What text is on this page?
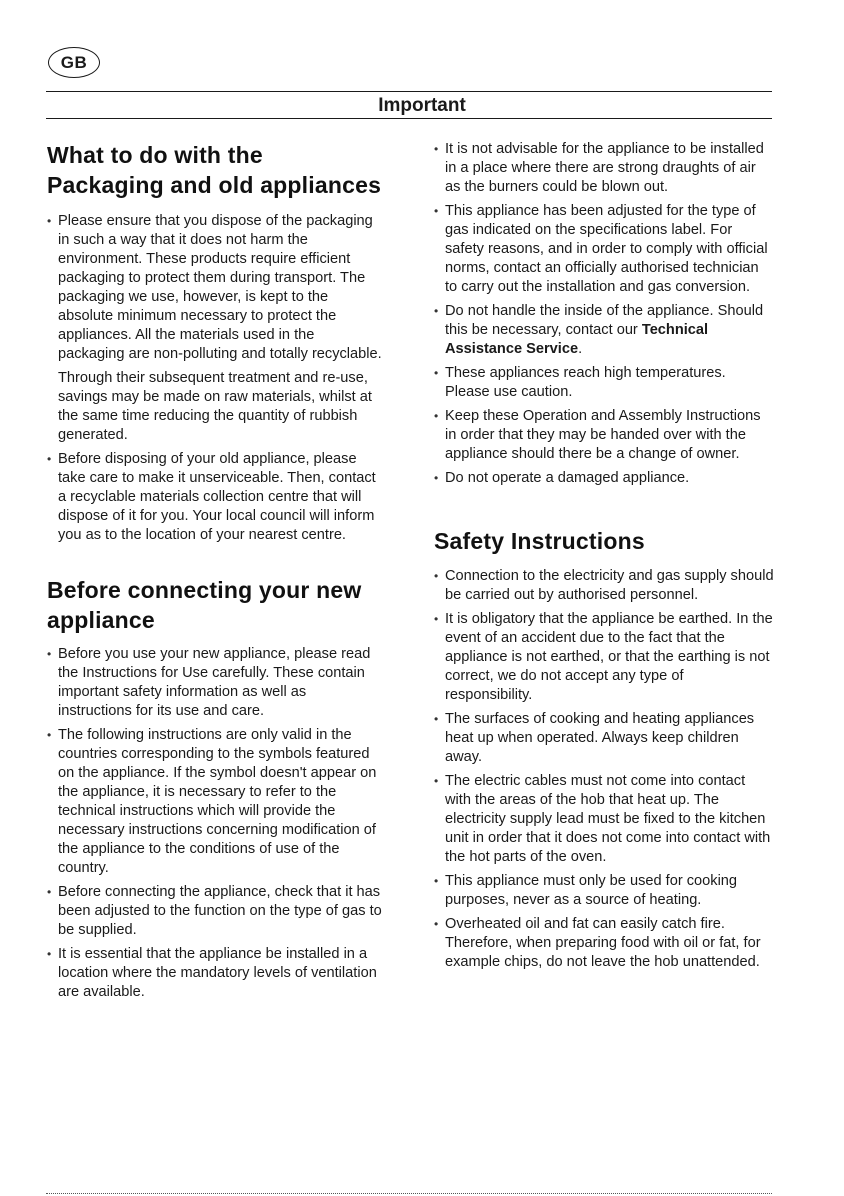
GB
Important
What to do with the Packaging and old appliances
• Please ensure that you dispose of the packaging in such a way that it does not harm the environment. These products require efficient packaging to protect them during transport. The packaging we use, however, is kept to the absolute minimum necessary to protect the appliances. All the materials used in the packaging are non-polluting and totally recyclable.

Through their subsequent treatment and re-use, savings may be made on raw materials, whilst at the same time reducing the quantity of rubbish generated.

• Before disposing of your old appliance, please take care to make it unserviceable. Then, contact a recyclable materials collection centre that will dispose of it for you. Your local council will inform you as to the location of your nearest centre.
Before connecting your new appliance
• Before you use your new appliance, please read the Instructions for Use carefully. These contain important safety information as well as instructions for its use and care.
• The following instructions are only valid in the countries corresponding to the symbols featured on the appliance. If the symbol doesn't appear on the appliance, it is necessary to refer to the technical instructions which will provide the necessary instructions concerning modification of the appliance to the conditions of use of the country.
• Before connecting the appliance, check that it has been adjusted to the function on the type of gas to be supplied.
• It is essential that the appliance be installed in a location where the mandatory levels of ventilation are available.
• It is not advisable for the appliance to be installed in a place where there are strong draughts of air as the burners could be blown out.
• This appliance has been adjusted for the type of gas indicated on the specifications label. For safety reasons, and in order to comply with official norms, contact an officially authorised technician to carry out the installation and gas conversion.
• Do not handle the inside of the appliance. Should this be necessary, contact our Technical Assistance Service.
• These appliances reach high temperatures. Please use caution.
• Keep these Operation and Assembly Instructions in order that they may be handed over with the appliance should there be a change of owner.
• Do not operate a damaged appliance.
Safety Instructions
• Connection to the electricity and gas supply should be carried out by authorised personnel.
• It is obligatory that the appliance be earthed. In the event of an accident due to the fact that the appliance is not earthed, or that the earthing is not correct, we do not accept any type of responsibility.
• The surfaces of cooking and heating appliances heat up when operated. Always keep children away.
• The electric cables must not come into contact with the areas of the hob that heat up. The electricity supply lead must be fixed to the kitchen unit in order that it does not come into contact with the hot parts of the oven.
• This appliance must only be used for cooking purposes, never as a source of heating.
• Overheated oil and fat can easily catch fire. Therefore, when preparing food with oil or fat, for example chips, do not leave the hob unattended.
